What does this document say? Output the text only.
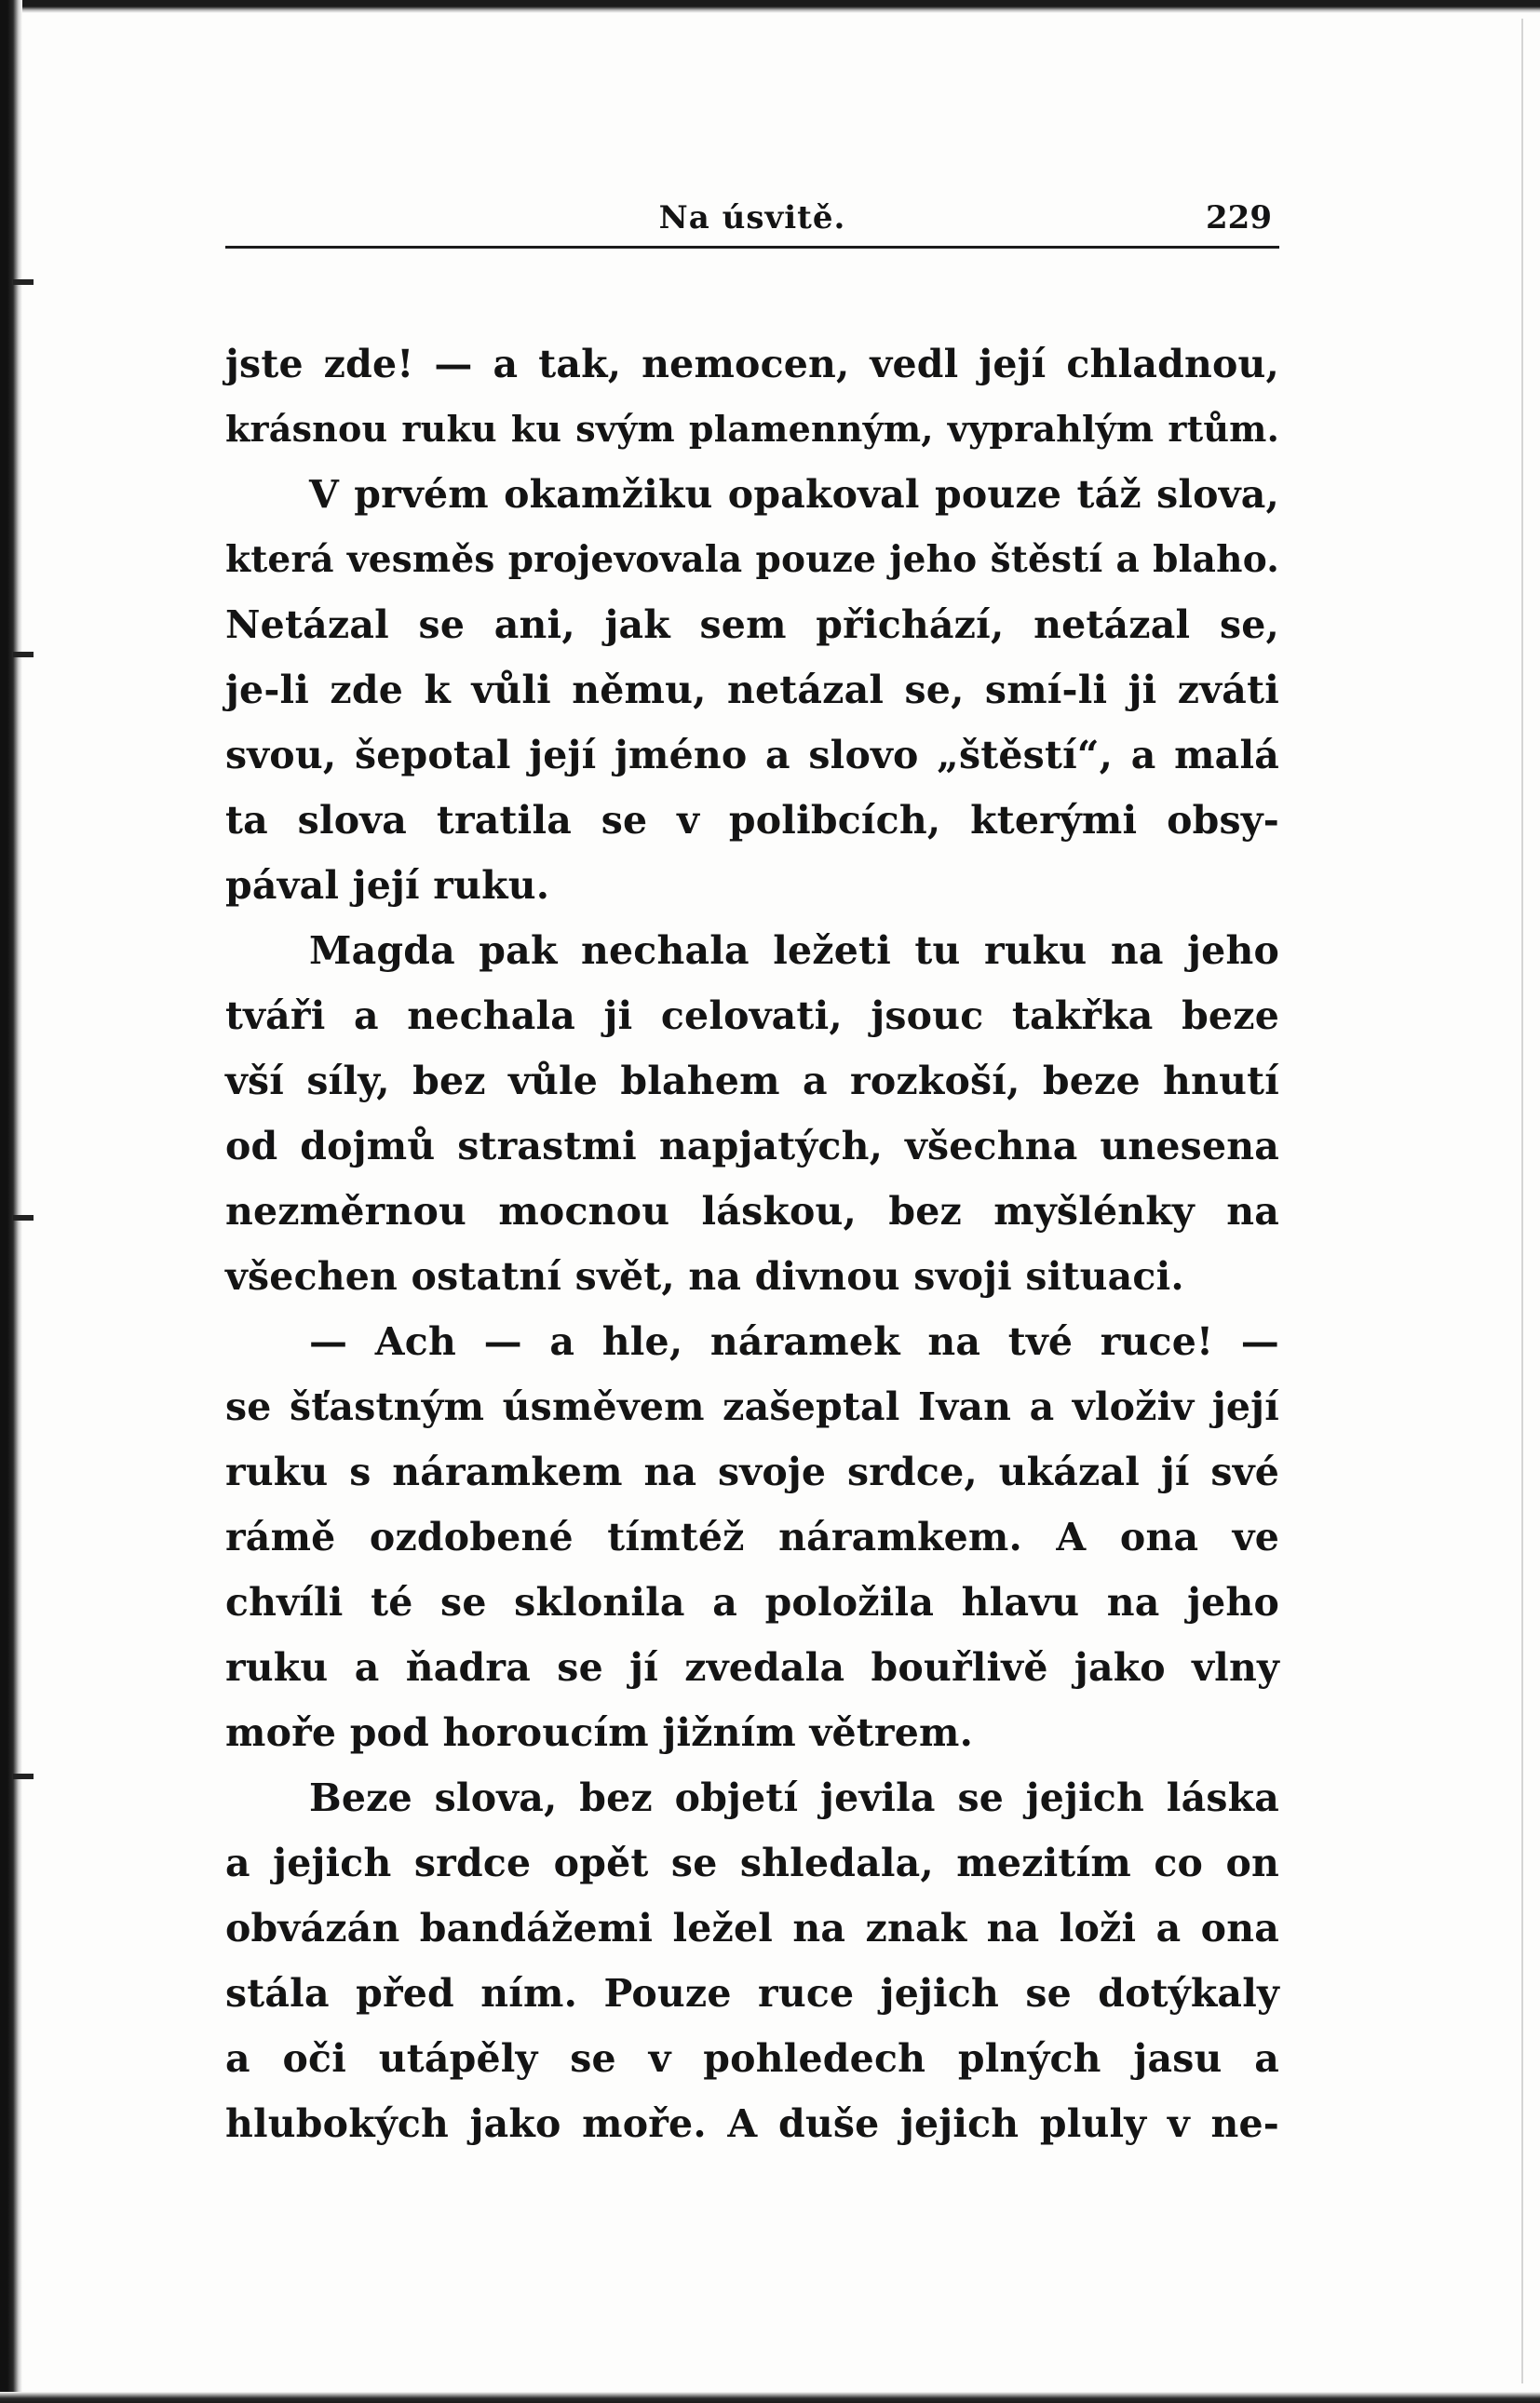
Na úsvitě.	229
jste zde! — a tak, nemocen, vedl její chladnou,
krásnou ruku ku svým plamenným, vyprahlým rtům.
V prvém okamžiku opakoval pouze táž slova,
která vesměs projevovala pouze jeho štěstí a blaho.
Netázal se ani, jak sem přichází, netázal se,
je-li zde k vůli němu, netázal se, smí-li ji zváti
svou, šepotal její jméno a slovo „štěstí“, a malá
ta slova tratila se v polibcích, kterými obsy-
pával její ruku.
Magda pak nechala ležeti tu ruku na jeho
tváři a nechala ji celovati, jsouc takřka beze
vší síly, bez vůle blahem a rozkoší, beze hnutí
od dojmů strastmi napjatých, všechna unesena
nezměrnou mocnou láskou, bez myšlénky na
všechen ostatní svět, na divnou svoji situaci.
— Ach — a hle, náramek na tvé ruce! —
se šťastným úsměvem zašeptal Ivan a vloživ její
ruku s náramkem na svoje srdce, ukázal jí své
rámě ozdobené tímtéž náramkem. A ona ve
chvíli té se sklonila a položila hlavu na jeho
ruku a ňadra se jí zvedala bouřlivě jako vlny
moře pod horoucím jižním větrem.
Beze slova, bez objetí jevila se jejich láska
a jejich srdce opět se shledala, mezitím co on
obvázán bandážemi ležel na znak na loži a ona
stála před ním. Pouze ruce jejich se dotýkaly
a oči utápěly se v pohledech plných jasu a
hlubokých jako moře. A duše jejich pluly v ne-
